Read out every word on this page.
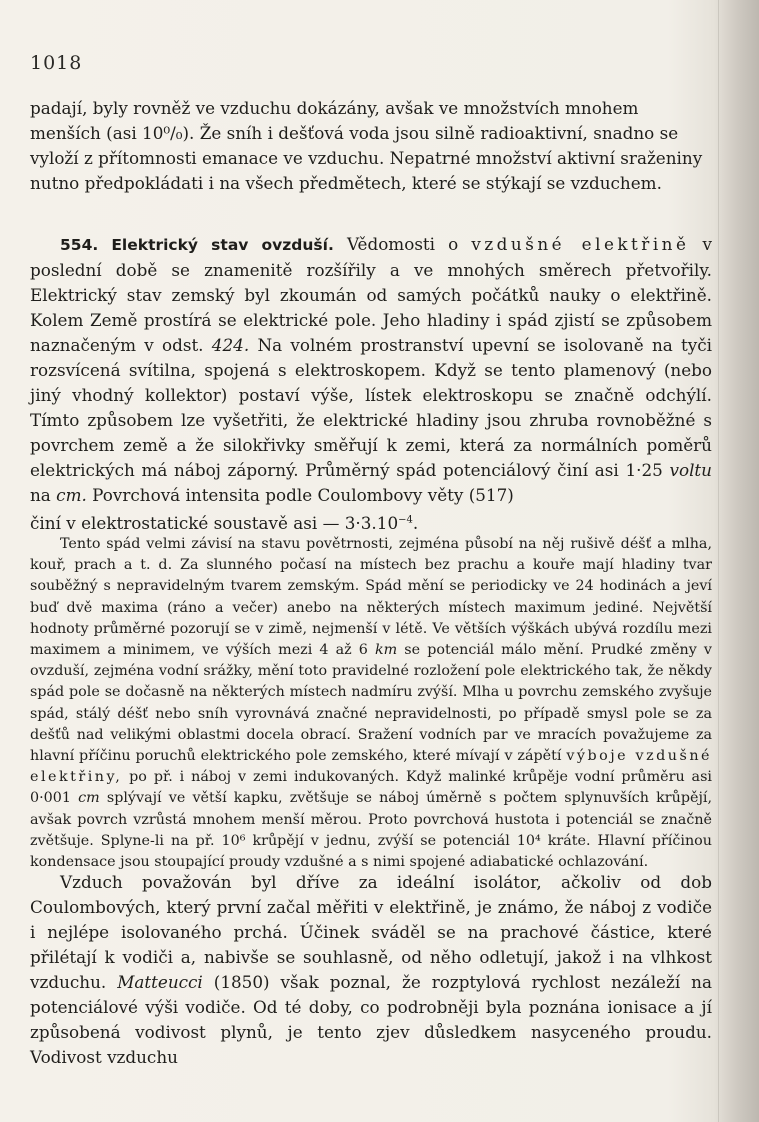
1018

padají, byly rovněž ve vzduchu dokázány, avšak ve množstvích mnohem menších (asi 10⁰/₀). Že sníh i dešťová voda jsou silně radioaktivní, snadno se vyloží z přítomnosti emanace ve vzduchu. Nepatrné množství aktivní sraženiny nutno předpokládati i na všech předmětech, které se stýkají se vzduchem.

554. Elektrický stav ovzduší. Vědomosti o vzdušné elektřině v poslední době se znamenitě rozšířily a ve mnohých směrech přetvořily. Elektrický stav zemský byl zkoumán od samých počátků nauky o elektřině. Kolem Země prostírá se elektrické pole. Jeho hladiny i spád zjistí se způsobem naznačeným v odst. 424. Na volném prostranství upevní se isolovaně na tyči rozsvícená svítilna, spojená s elektroskopem. Když se tento plamenový (nebo jiný vhodný kollektor) postaví výše, lístek elektroskopu se značně odchýlí. Tímto způsobem lze vyšetřiti, že elektrické hladiny jsou zhruba rovnoběžné s povrchem země a že silokřivky směřují k zemi, která za normálních poměrů elektrických má náboj záporný. Průměrný spád potenciálový činí asi 1·25 voltu na cm. Povrchová intensita podle Coulombovy věty (517)

činí v elektrostatické soustavě asi — $3\cdot 3.10^{-4}$.

Tento spád velmi závisí na stavu povětrnosti, zejména působí na něj rušivě déšť a mlha, kouř, prach a t. d. Za slunného počasí na místech bez prachu a kouře mají hladiny tvar souběžný s nepravidelným tvarem zemským. Spád mění se periodicky ve 24 hodinách a jeví buď dvě maxima (ráno a večer) anebo na některých místech maximum jediné. Největší hodnoty průměrné pozorují se v zimě, nejmenší v létě. Ve větších výškách ubývá rozdílu mezi maximem a minimem, ve výších mezi 4 až 6 km se potenciál málo mění. Prudké změny v ovzduší, zejména vodní srážky, mění toto pravidelné rozložení pole elektrického tak, že někdy spád pole se dočasně na některých místech nadmíru zvýší. Mlha u povrchu zemského zvyšuje spád, stálý déšť nebo sníh vyrovnává značné nepravidelnosti, po případě smysl pole se za dešťů nad velikými oblastmi docela obrací. Sražení vodních par ve mracích považujeme za hlavní příčinu poruchů elektrického pole zemského, které mívají v zápětí výboje vzdušné elektřiny, po př. i náboj v zemi indukovaných. Když malinké krůpěje vodní průměru asi 0·001 cm splývají ve větší kapku, zvětšuje se náboj úměrně s počtem splynuvších krůpějí, avšak povrch vzrůstá mnohem menší měrou. Proto povrchová hustota i potenciál se značně zvětšuje. Splyne-li na př. 10⁶ krůpějí v jednu, zvýší se potenciál 10⁴ kráte. Hlavní příčinou kondensace jsou stoupající proudy vzdušné a s nimi spojené adiabatické ochlazování.

Vzduch považován byl dříve za ideální isolátor, ačkoliv od dob Coulombových, který první začal měřiti v elektřině, je známo, že náboj z vodiče i nejlépe isolovaného prchá. Účinek sváděl se na prachové částice, které přilétají k vodiči a, nabivše se souhlasně, od něho odletují, jakož i na vlhkost vzduchu. Matteucci (1850) však poznal, že rozptylová rychlost nezáleží na potenciálové výši vodiče. Od té doby, co podrobněji byla poznána ionisace a jí způsobená vodivost plynů, je tento zjev důsledkem nasyceného proudu. Vodivost vzduchu
